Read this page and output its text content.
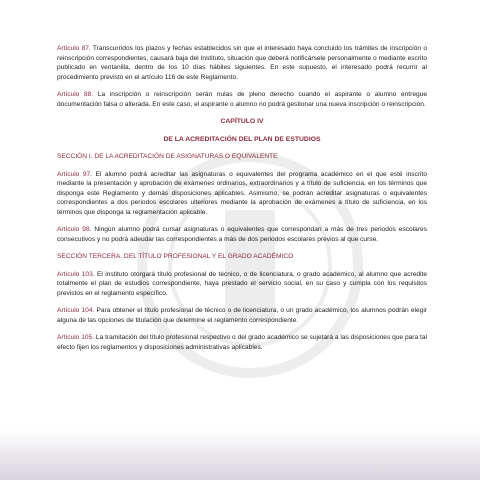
Artículo 87. Transcurridos los plazos y fechas establecidos sin que el interesado haya concluido los trámites de inscripción o reinscripción correspondientes, causará baja del Instituto, situación que deberá notificársele personalmente o mediante escrito publicado en ventanilla, dentro de los 10 días hábiles siguientes. En este supuesto, el interesado podrá recurrir al procedimiento previsto en el artículo 116 de este Reglamento.

Artículo 88. La inscripción o reinscripción serán nulas de pleno derecho cuando el aspirante o alumno entregue documentación falsa o alterada. En este caso, el aspirante o alumno no podrá gestionar una nueva inscripción o reinscripción.

CAPÍTULO IV
DE LA ACREDITACIÓN DEL PLAN DE ESTUDIOS
SECCIÓN I. DE LA ACREDITACIÓN DE ASIGNATURAS O EQUIVALENTE

Artículo 97. El alumno podrá acreditar las asignaturas o equivalentes del programa académico en el que esté inscrito mediante la presentación y aprobación de exámenes ordinarios, extraordinarios y a título de suficiencia, en los términos que disponga este Reglamento y demás disposiciones aplicables. Asimismo, se podrán acreditar asignaturas o equivalentes correspondientes a dos periodos escolares ulteriores mediante la aprobación de exámenes a título de suficiencia, en los términos que disponga la reglamentación aplicable.

Artículo 98. Ningún alumno podrá cursar asignaturas o equivalentes que correspondan a más de tres periodos escolares consecutivos y no podrá adeudar las correspondientes a más de dos periodos escolares previos al que curse.

SECCIÓN TERCERA. DEL TÍTULO PROFESIONAL Y EL GRADO ACADÉMICO

Artículo 103. El instituto otorgará título profesional de técnico, o de licenciatura, o grado académico, al alumno que acredite totalmente el plan de estudios correspondiente, haya prestado el servicio social, en su caso y cumpla con los requisitos previstos en el reglamento específico.

Artículo 104. Para obtener el título profesional de técnico o de licenciatura, o un grado académico, los alumnos podrán elegir alguna de las opciones de titulación que determine el reglamento correspondiente.

Artículo 105. La tramitación del título profesional respectivo o del grado académico se sujetará a las disposiciones que para tal efecto fijen los reglamentos y disposiciones administrativas aplicables.
